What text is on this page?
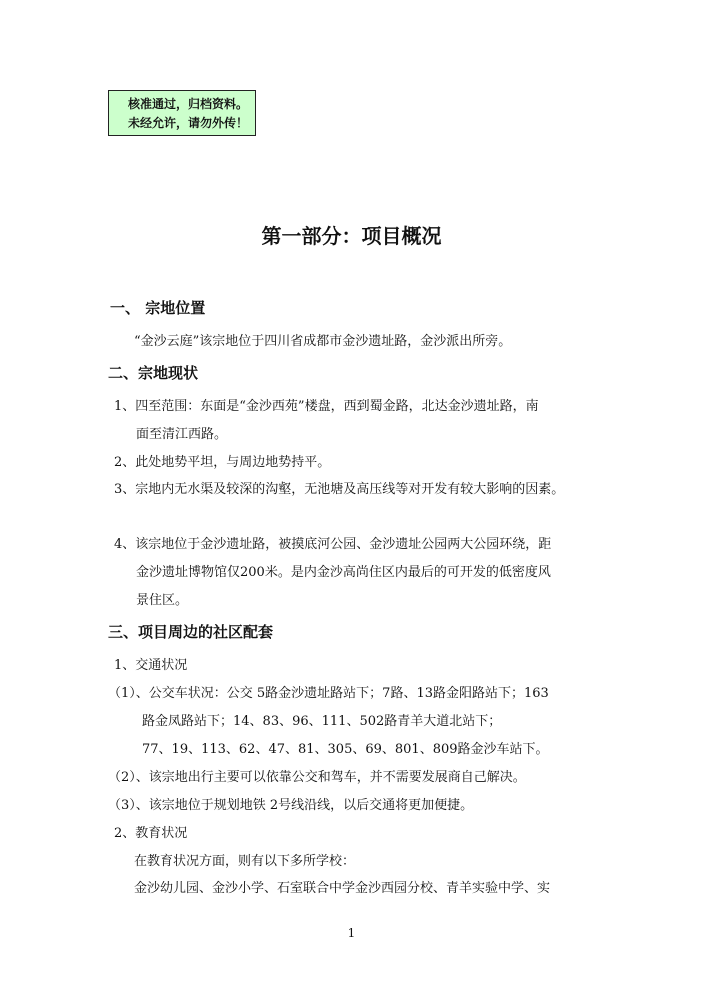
核准通过，归档资料。
未经允许，请勿外传！
第一部分：项目概况
一、 宗地位置
“金沙云庭”该宗地位于四川省成都市金沙遗址路，金沙派出所旁。
二、宗地现状
1、四至范围：东面是“金沙西苑”楼盘，西到蜀金路，北达金沙遗址路，南
面至清江西路。
2、此处地势平坦，与周边地势持平。
3、宗地内无水渠及较深的沟壑，无池塘及高压线等对开发有较大影响的因素。
4、该宗地位于金沙遗址路，被摸底河公园、金沙遗址公园两大公园环绕，距
金沙遗址博物馆仅200米。是内金沙高尚住区内最后的可开发的低密度风
景住区。
三、项目周边的社区配套
1、交通状况
（1）、公交车状况：公交 5路金沙遗址路站下；7路、13路金阳路站下；163
路金凤路站下；14、83、96、111、502路青羊大道北站下；
77、19、113、62、47、81、305、69、801、809路金沙车站下。
（2）、该宗地出行主要可以依靠公交和驾车，并不需要发展商自己解决。
（3）、该宗地位于规划地铁 2号线沿线，以后交通将更加便捷。
2、教育状况
在教育状况方面，则有以下多所学校：
金沙幼儿园、金沙小学、石室联合中学金沙西园分校、青羊实验中学、实
1
